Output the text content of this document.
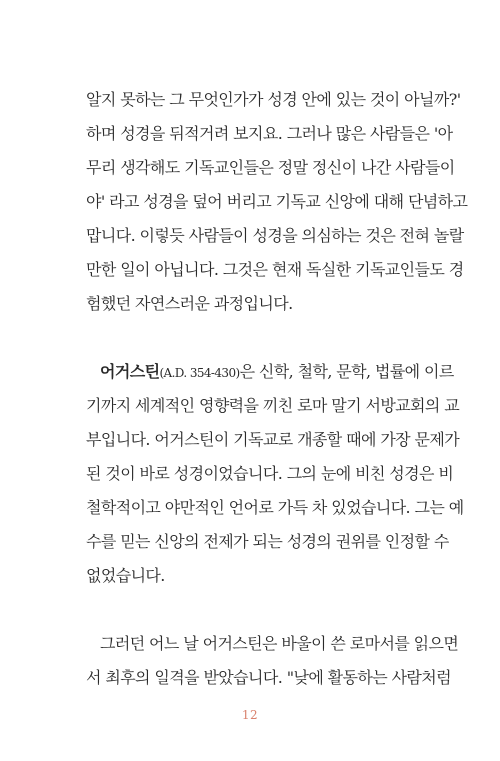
알지 못하는 그 무엇인가가 성경 안에 있는 것이 아닐까?'
하며 성경을 뒤적거려 보지요. 그러나 많은 사람들은 '아
무리 생각해도 기독교인들은 정말 정신이 나간 사람들이
야' 라고 성경을 덮어 버리고 기독교 신앙에 대해 단념하고
맙니다. 이렇듯 사람들이 성경을 의심하는 것은 전혀 놀랄
만한 일이 아닙니다. 그것은 현재 독실한 기독교인들도 경
험했던 자연스러운 과정입니다.
어거스틴(A.D. 354-430)은 신학, 철학, 문학, 법률에 이르
기까지 세계적인 영향력을 끼친 로마 말기 서방교회의 교
부입니다. 어거스틴이 기독교로 개종할 때에 가장 문제가
된 것이 바로 성경이었습니다. 그의 눈에 비친 성경은 비
철학적이고 야만적인 언어로 가득 차 있었습니다. 그는 예
수를 믿는 신앙의 전제가 되는 성경의 권위를 인정할 수
없었습니다.
그러던 어느 날 어거스틴은 바울이 쓴 로마서를 읽으면
서 최후의 일격을 받았습니다. "낮에 활동하는 사람처럼
12
